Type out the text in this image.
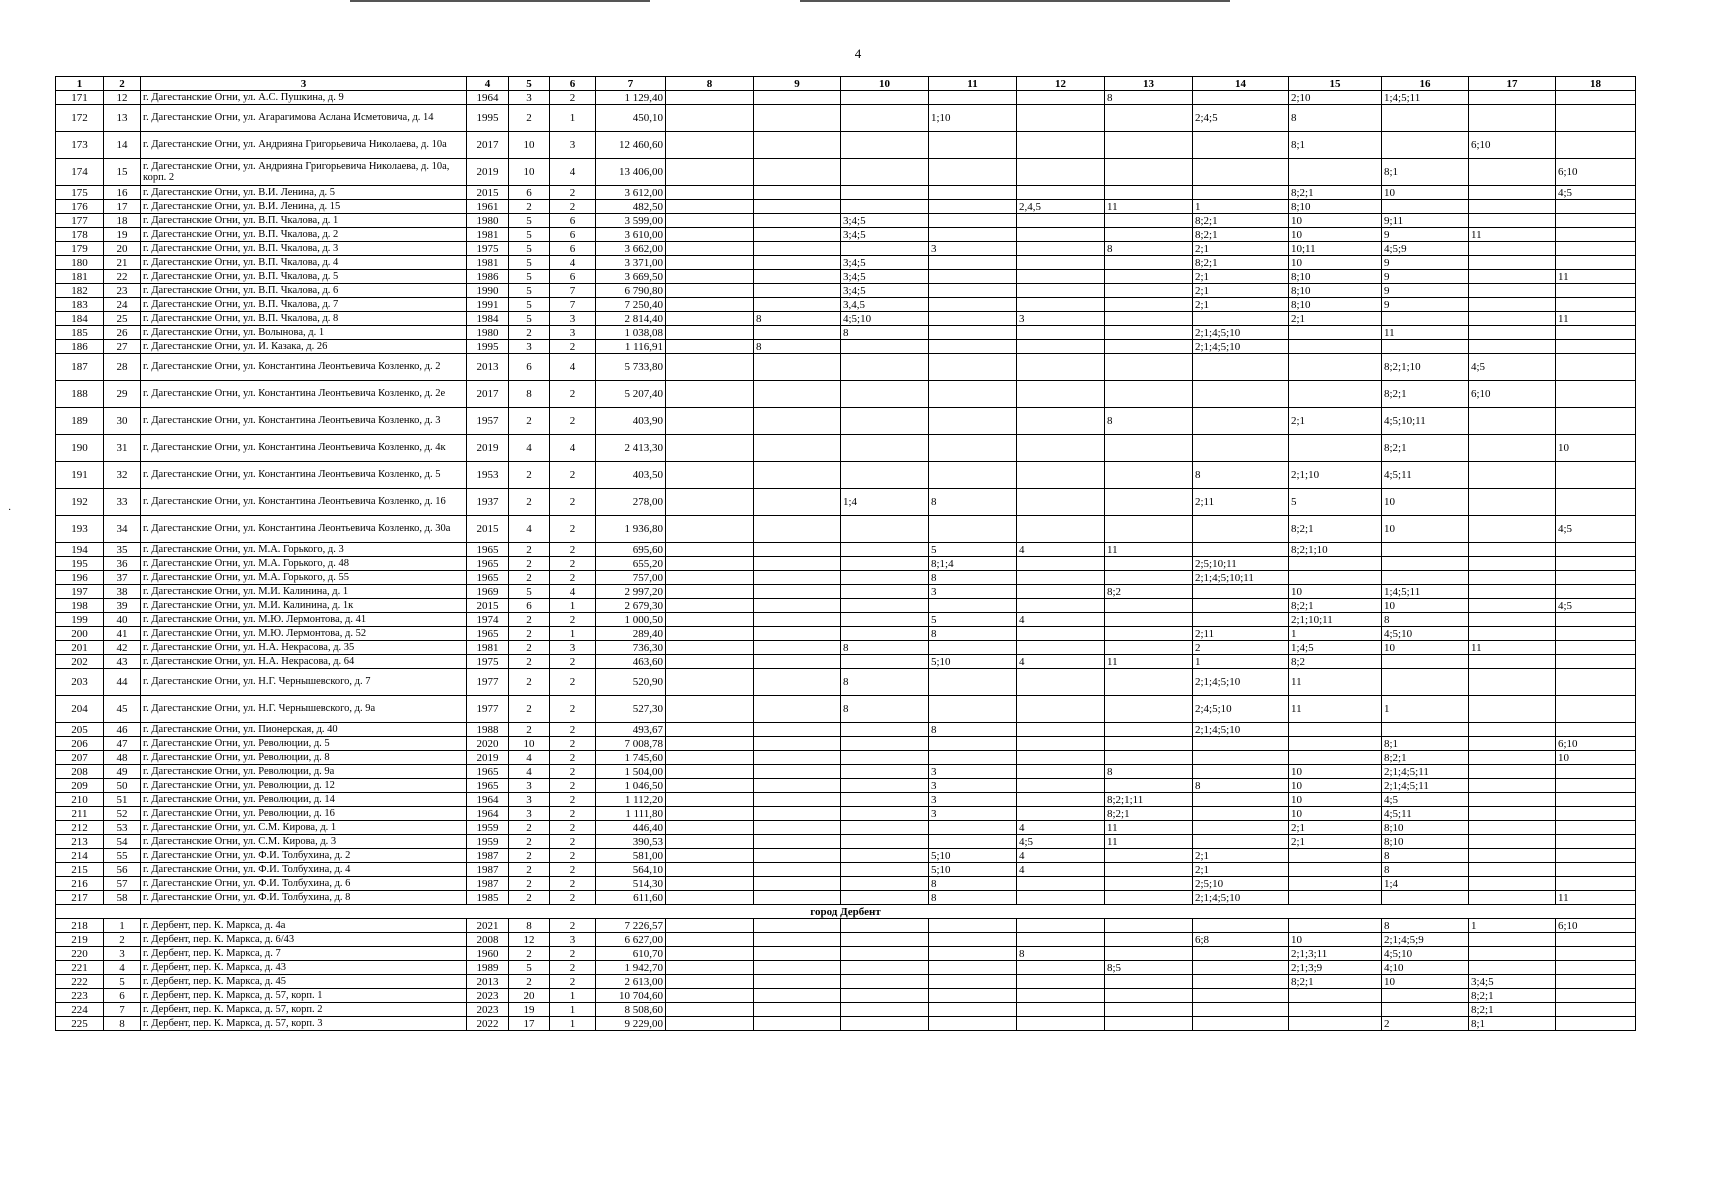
4
·
1	2	3	4	5	6	7	8	9	10	11	12	13	14	15	16	17	18
171	12	г. Дагестанские Огни, ул. А.С. Пушкина, д. 9	1964	3	2	1 129,40						8		2;10	1;4;5;11		
172	13	г. Дагестанские Огни, ул. Агарагимова Аслана Исметовича, д. 14	1995	2	1	450,10				1;10			2;4;5	8			
173	14	г. Дагестанские Огни, ул. Андрияна Григорьевича Николаева, д. 10а	2017	10	3	12 460,60								8;1		6;10	
174	15	г. Дагестанские Огни, ул. Андрияна Григорьевича Николаева, д. 10а, корп. 2	2019	10	4	13 406,00									8;1		6;10
175	16	г. Дагестанские Огни, ул. В.И. Ленина, д. 5	2015	6	2	3 612,00								8;2;1	10		4;5
176	17	г. Дагестанские Огни, ул. В.И. Ленина, д. 15	1961	2	2	482,50					2,4,5	11	1	8;10			
177	18	г. Дагестанские Огни, ул. В.П. Чкалова, д. 1	1980	5	6	3 599,00			3;4;5				8;2;1	10	9;11		
178	19	г. Дагестанские Огни, ул. В.П. Чкалова, д. 2	1981	5	6	3 610,00			3;4;5				8;2;1	10	9	11	
179	20	г. Дагестанские Огни, ул. В.П. Чкалова, д. 3	1975	5	6	3 662,00				3		8	2;1	10;11	4;5;9		
180	21	г. Дагестанские Огни, ул. В.П. Чкалова, д. 4	1981	5	4	3 371,00			3;4;5				8;2;1	10	9		
181	22	г. Дагестанские Огни, ул. В.П. Чкалова, д. 5	1986	5	6	3 669,50			3;4;5				2;1	8;10	9		11
182	23	г. Дагестанские Огни, ул. В.П. Чкалова, д. 6	1990	5	7	6 790,80			3;4;5				2;1	8;10	9		
183	24	г. Дагестанские Огни, ул. В.П. Чкалова, д. 7	1991	5	7	7 250,40			3,4,5				2;1	8;10	9		
184	25	г. Дагестанские Огни, ул. В.П. Чкалова, д. 8	1984	5	3	2 814,40		8	4;5;10		3			2;1			11
185	26	г. Дагестанские Огни, ул. Волынова, д. 1	1980	2	3	1 038,08			8				2;1;4;5;10		11		
186	27	г. Дагестанские Огни, ул. И. Казака, д. 26	1995	3	2	1 116,91		8					2;1;4;5;10				
187	28	г. Дагестанские Огни, ул. Константина Леонтьевича Козленко, д. 2	2013	6	4	5 733,80									8;2;1;10	4;5	
188	29	г. Дагестанские Огни, ул. Константина Леонтьевича Козленко, д. 2е	2017	8	2	5 207,40									8;2;1	6;10	
189	30	г. Дагестанские Огни, ул. Константина Леонтьевича Козленко, д. 3	1957	2	2	403,90						8		2;1	4;5;10;11		
190	31	г. Дагестанские Огни, ул. Константина Леонтьевича Козленко, д. 4к	2019	4	4	2 413,30									8;2;1		10
191	32	г. Дагестанские Огни, ул. Константина Леонтьевича Козленко, д. 5	1953	2	2	403,50							8	2;1;10	4;5;11		
192	33	г. Дагестанские Огни, ул. Константина Леонтьевича Козленко, д. 16	1937	2	2	278,00			1;4	8			2;11	5	10		
193	34	г. Дагестанские Огни, ул. Константина Леонтьевича Козленко, д. 30а	2015	4	2	1 936,80								8;2;1	10		4;5
194	35	г. Дагестанские Огни, ул. М.А. Горького, д. 3	1965	2	2	695,60				5	4	11		8;2;1;10			
195	36	г. Дагестанские Огни, ул. М.А. Горького, д. 48	1965	2	2	655,20				8;1;4			2;5;10;11				
196	37	г. Дагестанские Огни, ул. М.А. Горького, д. 55	1965	2	2	757,00				8			2;1;4;5;10;11				
197	38	г. Дагестанские Огни, ул. М.И. Калинина, д. 1	1969	5	4	2 997,20				3		8;2		10	1;4;5;11		
198	39	г. Дагестанские Огни, ул. М.И. Калинина, д. 1к	2015	6	1	2 679,30								8;2;1	10		4;5
199	40	г. Дагестанские Огни, ул. М.Ю. Лермонтова, д. 41	1974	2	2	1 000,50				5	4			2;1;10;11	8		
200	41	г. Дагестанские Огни, ул. М.Ю. Лермонтова, д. 52	1965	2	1	289,40				8			2;11	1	4;5;10		
201	42	г. Дагестанские Огни, ул. Н.А. Некрасова, д. 35	1981	2	3	736,30			8				2	1;4;5	10	11	
202	43	г. Дагестанские Огни, ул. Н.А. Некрасова, д. 64	1975	2	2	463,60				5;10	4	11	1	8;2			
203	44	г. Дагестанские Огни, ул. Н.Г. Чернышевского, д. 7	1977	2	2	520,90			8				2;1;4;5;10	11			
204	45	г. Дагестанские Огни, ул. Н.Г. Чернышевского, д. 9а	1977	2	2	527,30			8				2;4;5;10	11	1		
205	46	г. Дагестанские Огни, ул. Пионерская, д. 40	1988	2	2	493,67				8			2;1;4;5;10				
206	47	г. Дагестанские Огни, ул. Революции, д. 5	2020	10	2	7 008,78									8;1		6;10
207	48	г. Дагестанские Огни, ул. Революции, д. 8	2019	4	2	1 745,60									8;2;1		10
208	49	г. Дагестанские Огни, ул. Революции, д. 9а	1965	4	2	1 504,00				3		8		10	2;1;4;5;11		
209	50	г. Дагестанские Огни, ул. Революции, д. 12	1965	3	2	1 046,50				3			8	10	2;1;4;5;11		
210	51	г. Дагестанские Огни, ул. Революции, д. 14	1964	3	2	1 112,20				3		8;2;1;11		10	4;5		
211	52	г. Дагестанские Огни, ул. Революции, д. 16	1964	3	2	1 111,80				3		8;2;1		10	4;5;11		
212	53	г. Дагестанские Огни, ул. С.М. Кирова, д. 1	1959	2	2	446,40					4	11		2;1	8;10		
213	54	г. Дагестанские Огни, ул. С.М. Кирова, д. 3	1959	2	2	390,53					4;5	11		2;1	8;10		
214	55	г. Дагестанские Огни, ул. Ф.И. Толбухина, д. 2	1987	2	2	581,00				5;10	4		2;1		8		
215	56	г. Дагестанские Огни, ул. Ф.И. Толбухина, д. 4	1987	2	2	564,10				5;10	4		2;1		8		
216	57	г. Дагестанские Огни, ул. Ф.И. Толбухина, д. 6	1987	2	2	514,30				8			2;5;10		1;4		
217	58	г. Дагестанские Огни, ул. Ф.И. Толбухина, д. 8	1985	2	2	611,60				8			2;1;4;5;10				11
город Дербент																	
218	1	г. Дербент, пер. К. Маркса, д. 4а	2021	8	2	7 226,57									8	1	6;10
219	2	г. Дербент, пер. К. Маркса, д. 6/43	2008	12	3	6 627,00							6;8	10	2;1;4;5;9		
220	3	г. Дербент, пер. К. Маркса, д. 7	1960	2	2	610,70					8			2;1;3;11	4;5;10		
221	4	г. Дербент, пер. К. Маркса, д. 43	1989	5	2	1 942,70						8;5		2;1;3;9	4;10		
222	5	г. Дербент, пер. К. Маркса, д. 45	2013	2	2	2 613,00								8;2;1	10	3;4;5	
223	6	г. Дербент, пер. К. Маркса, д. 57, корп. 1	2023	20	1	10 704,60										8;2;1	
224	7	г. Дербент, пер. К. Маркса, д. 57, корп. 2	2023	19	1	8 508,60										8;2;1	
225	8	г. Дербент, пер. К. Маркса, д. 57, корп. 3	2022	17	1	9 229,00									2	8;1	
